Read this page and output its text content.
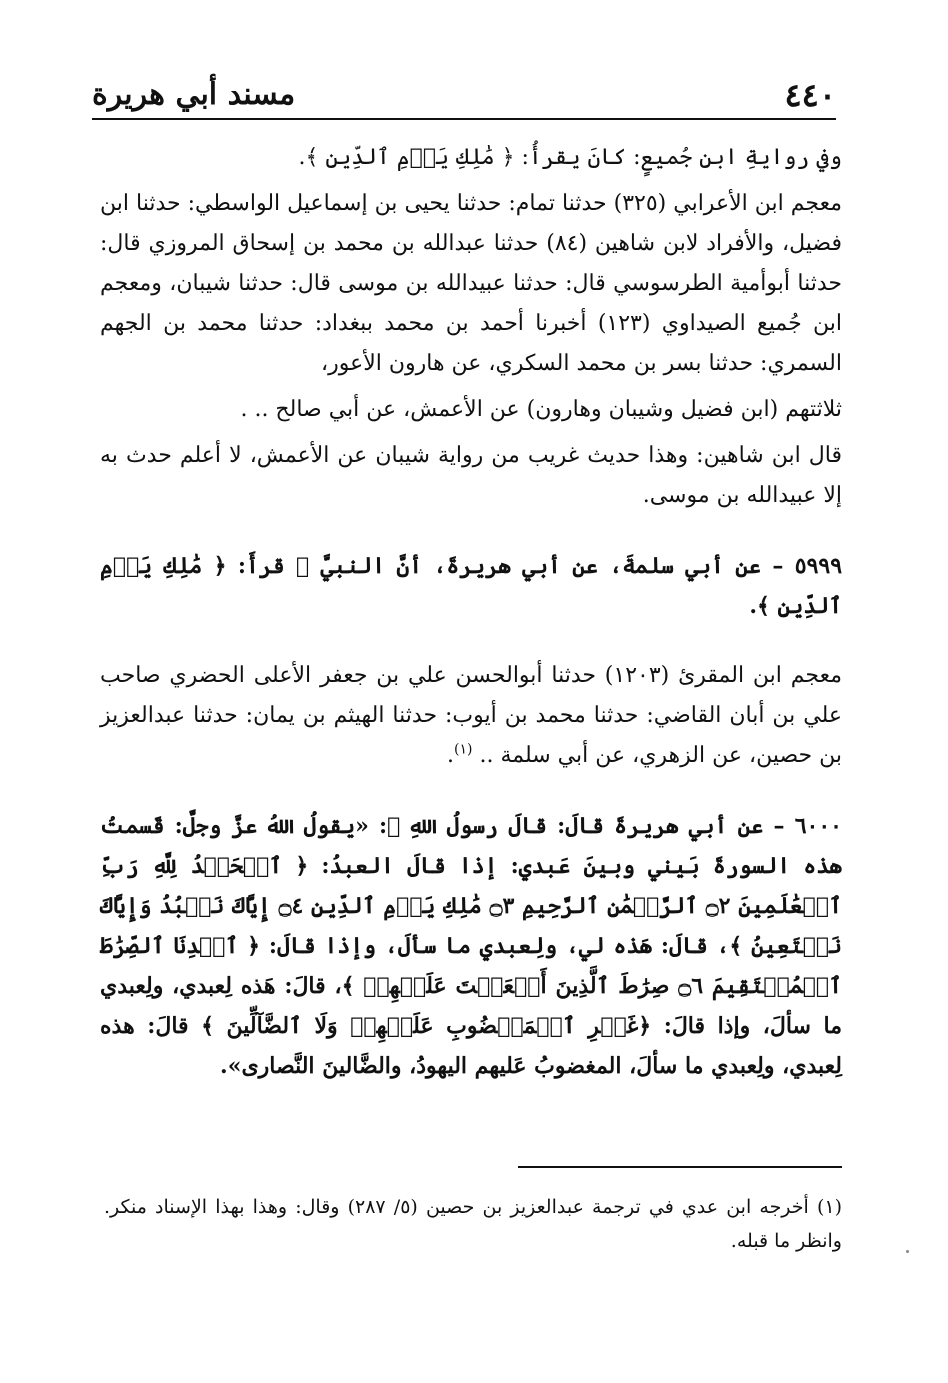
٤٤٠
مسند أبي هريرة

وفي روايةِ ابنِ جُميعٍ: كانَ يقرأُ: ﴿ مَٰلِكِ يَوۡمِ ٱلدِّينِ ﴾.

معجم ابن الأعرابي (٣٢٥) حدثنا تمام: حدثنا يحيى بن إسماعيل الواسطي: حدثنا ابن فضيل، والأفراد لابن شاهين (٨٤) حدثنا عبدالله بن محمد بن إسحاق المروزي قال: حدثنا أبوأمية الطرسوسي قال: حدثنا عبيدالله بن موسى قال: حدثنا شيبان، ومعجم ابن جُميع الصيداوي (١٢٣) أخبرنا أحمد بن محمد ببغداد: حدثنا محمد بن الجهم السمري: حدثنا بسر بن محمد السكري، عن هارون الأعور،

ثلاثتهم (ابن فضيل وشيبان وهارون) عن الأعمش، عن أبي صالح .. .

قال ابن شاهين: وهذا حديث غريب من رواية شيبان عن الأعمش، لا أعلم حدث به إلا عبيدالله بن موسى.

٥٩٩٩ – عن أبي سلمةَ، عن أبي هريرةَ، أنَّ النبيَّ ﷺ قرأَ: ﴿ مَٰلِكِ يَوۡمِ ٱلدِّينِ ﴾.

معجم ابن المقرئ (١٢٠٣) حدثنا أبوالحسن علي بن جعفر الأعلى الحضري صاحب علي بن أبان القاضي: حدثنا محمد بن أيوب: حدثنا الهيثم بن يمان: حدثنا عبدالعزيز بن حصين، عن الزهري، عن أبي سلمة .. $^{(١)}$.

٦٠٠٠ – عن أبي هريرةَ قالَ: قالَ رسولُ اللهِ ﷺ: «يقولُ اللهُ عزَّ وجلَّ: قَسمتُ هذه السورةَ بَيني وبينَ عَبدي: إذا قالَ العبدُ: ﴿ ٱلۡحَمۡدُ لِلَّهِ رَبِّ ٱلۡعَٰلَمِينَ ۝٢ ٱلرَّحۡمَٰنِ ٱلرَّحِيمِ ۝٣ مَٰلِكِ يَوۡمِ ٱلدِّينِ ۝٤ إِيَّاكَ نَعۡبُدُ وَإِيَّاكَ نَسۡتَعِينُ ﴾، قالَ: هَذه لي، ولِعبدي ما سألَ، وإذا قالَ: ﴿ ٱهۡدِنَا ٱلصِّرَٰطَ ٱلۡمُسۡتَقِيمَ ۝٦ صِرَٰطَ ٱلَّذِينَ أَنۡعَمۡتَ عَلَيۡهِمۡ ﴾، قالَ: هَذه لِعبدي، ولِعبدي ما سألَ، وإذا قالَ: ﴿غَيۡرِ ٱلۡمَغۡضُوبِ عَلَيۡهِمۡ وَلَا ٱلضَّآلِّينَ ﴾ قالَ: هذه لِعبدي، ولِعبدي ما سألَ، المغضوبُ عَليهم اليهودُ، والضَّالينَ النَّصارى».

(١) أخرجه ابن عدي في ترجمة عبدالعزيز بن حصين (٥/ ٢٨٧) وقال: وهذا بهذا الإسناد منكر. وانظر ما قبله.
